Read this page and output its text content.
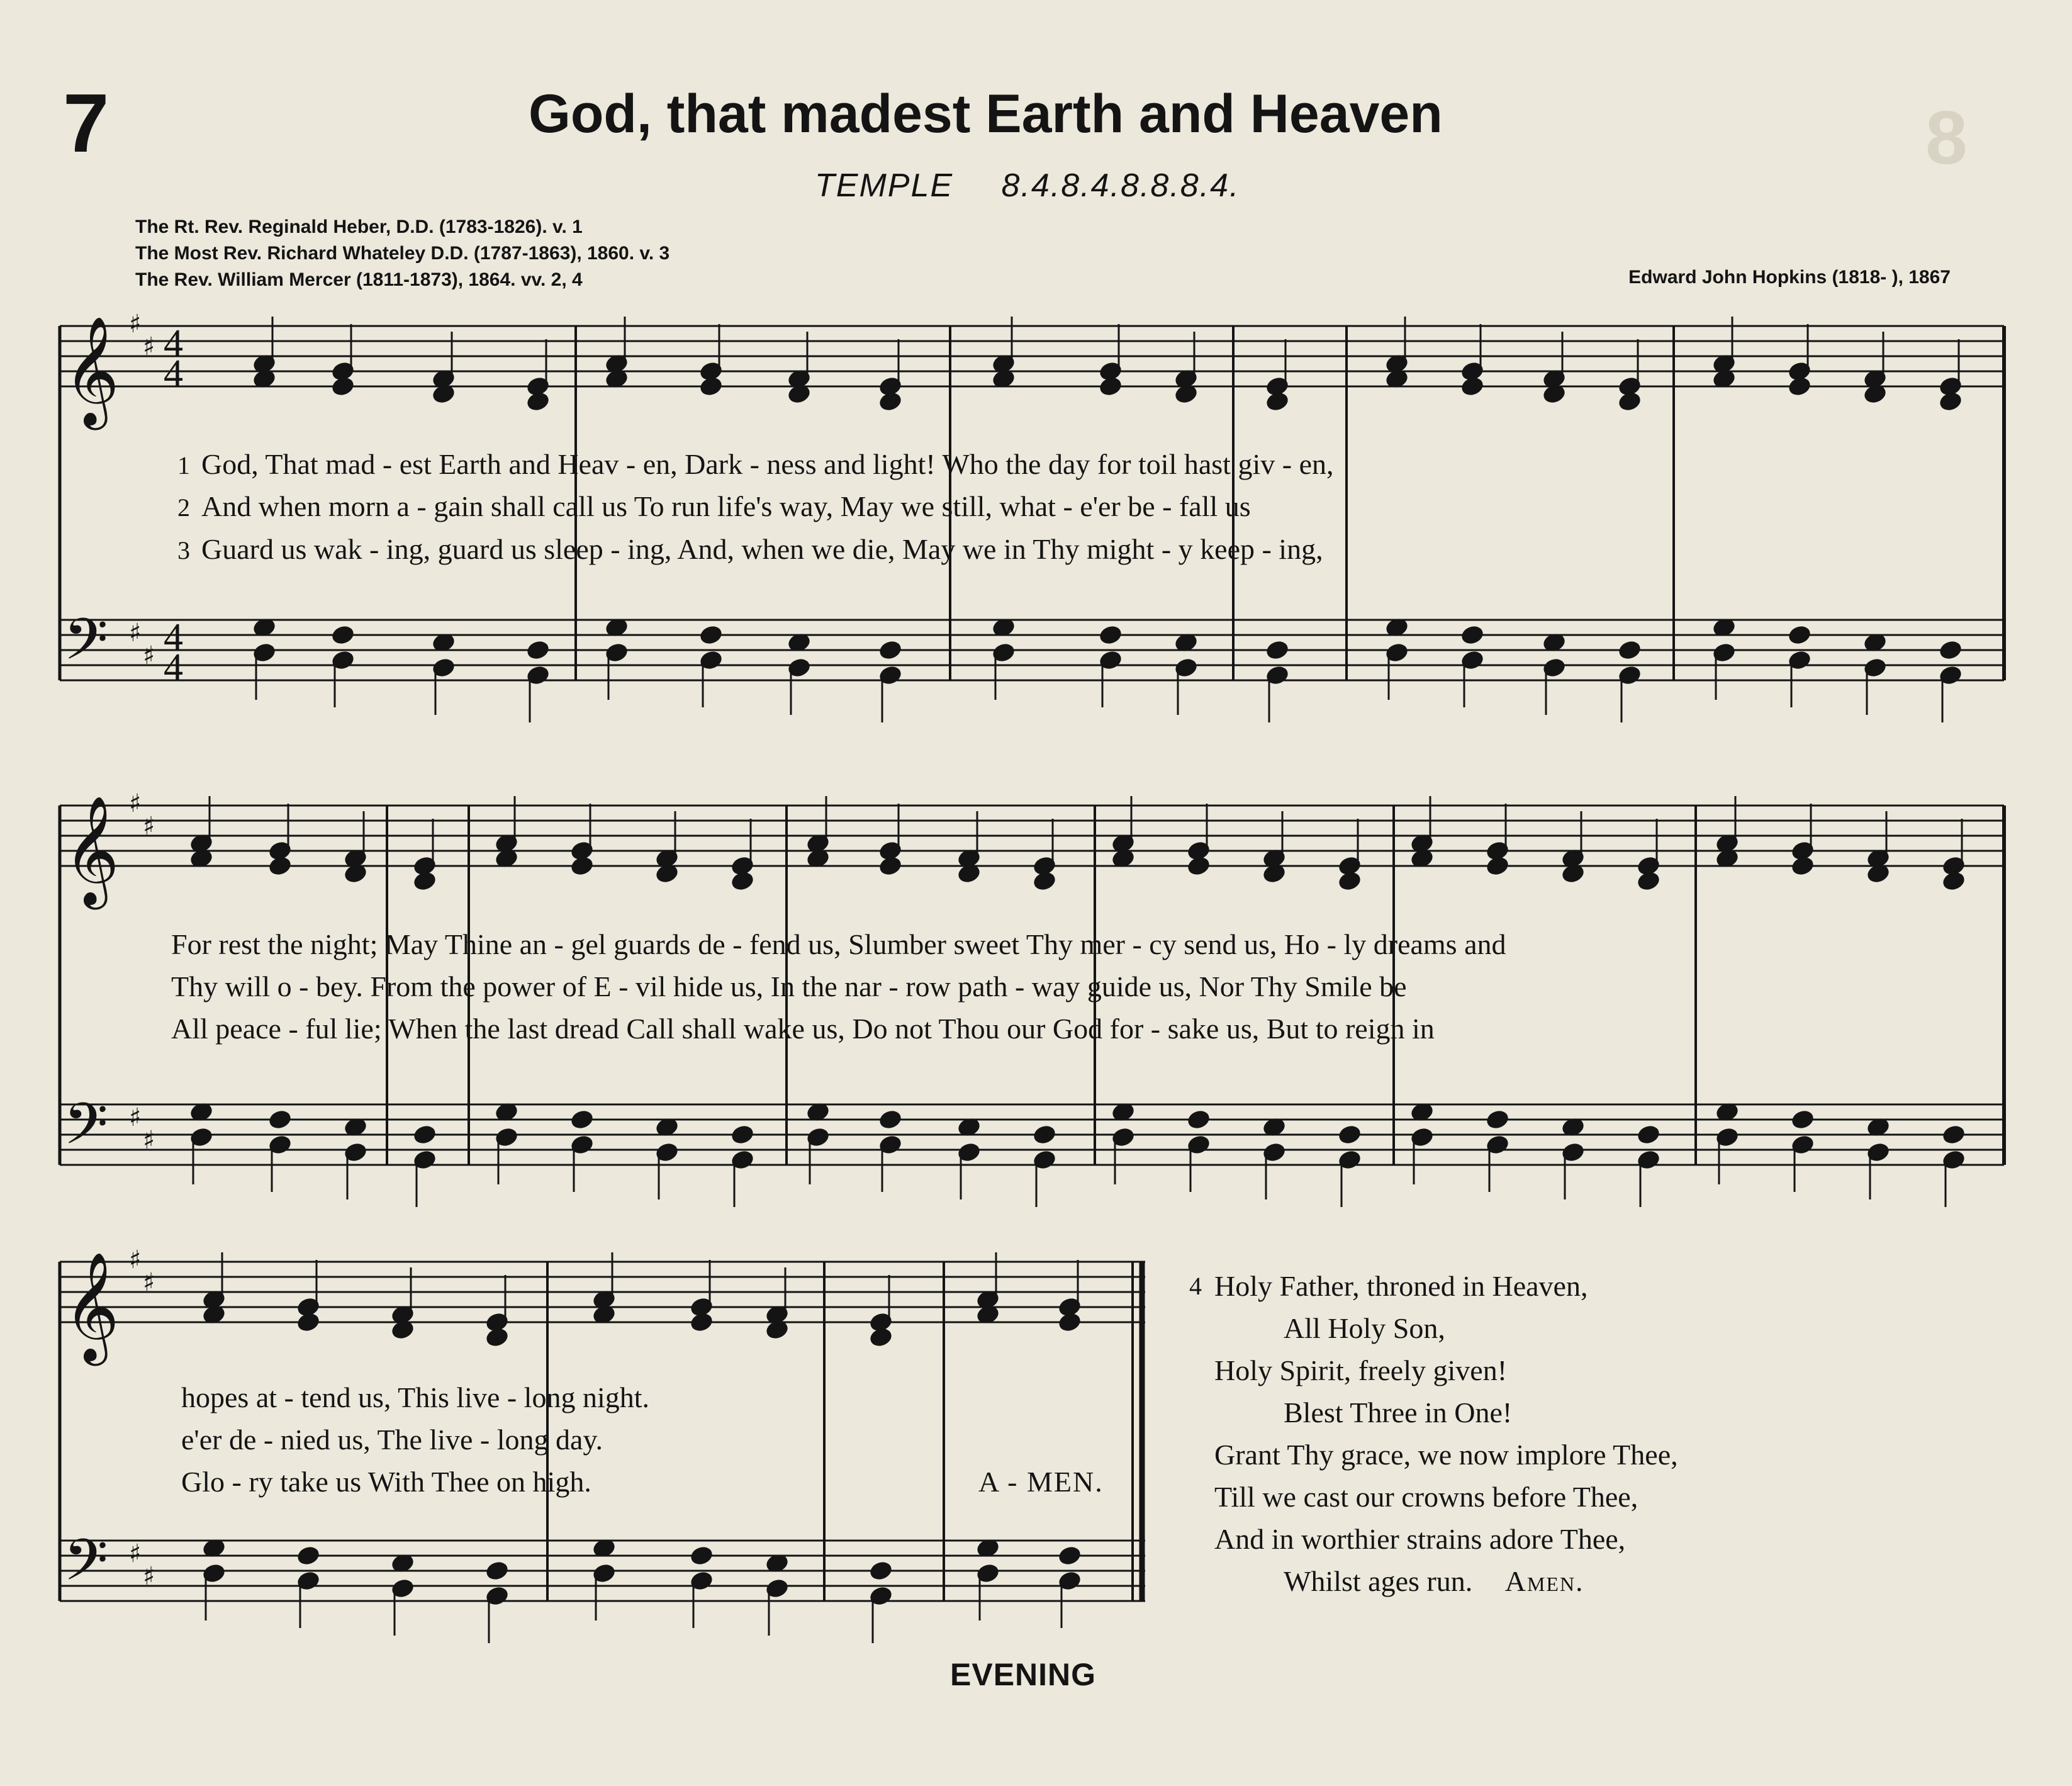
8
7	God, that madest Earth and Heaven
TEMPLE 8.4.8.4.8.8.8.4.
The Rt. Rev. Reginald Heber, D.D. (1783-1826). v. 1
The Most Rev. Richard Whateley D.D. (1787-1863), 1860. v. 3
The Rev. William Mercer (1811-1873), 1864. vv. 2, 4	Edward John Hopkins (1818- ), 1867
𝄞 ♯
♯
𝄢 ♯
♯
4
4
4
4
𝄞 ♯
♯
𝄢 ♯
♯
𝄞 ♯
♯
𝄢 ♯
♯
1 God, That mad - est Earth and Heav - en, Dark - ness and light! Who the day for toil hast giv - en,
2 And when morn a - gain shall call us To run life's way, May we still, what - e'er be - fall us
3 Guard us wak - ing, guard us sleep - ing, And, when we die, May we in Thy might - y keep - ing,
For rest the night; May Thine an - gel guards de - fend us, Slumber sweet Thy mer - cy send us, Ho - ly dreams and
Thy will o - bey. From the power of E - vil hide us, In the nar - row path - way guide us, Nor Thy Smile be
All peace - ful lie; When the last dread Call shall wake us, Do not Thou our God for - sake us, But to reign in
hopes at - tend us, This live - long night.
e'er de - nied us, The live - long day.
Glo - ry take us With Thee on high.	A - MEN.
4 Holy Father, throned in Heaven,
All Holy Son,
Holy Spirit, freely given!
Blest Three in One!
Grant Thy grace, we now implore Thee,
Till we cast our crowns before Thee,
And in worthier strains adore Thee,
Whilst ages run. Amen.
EVENING
